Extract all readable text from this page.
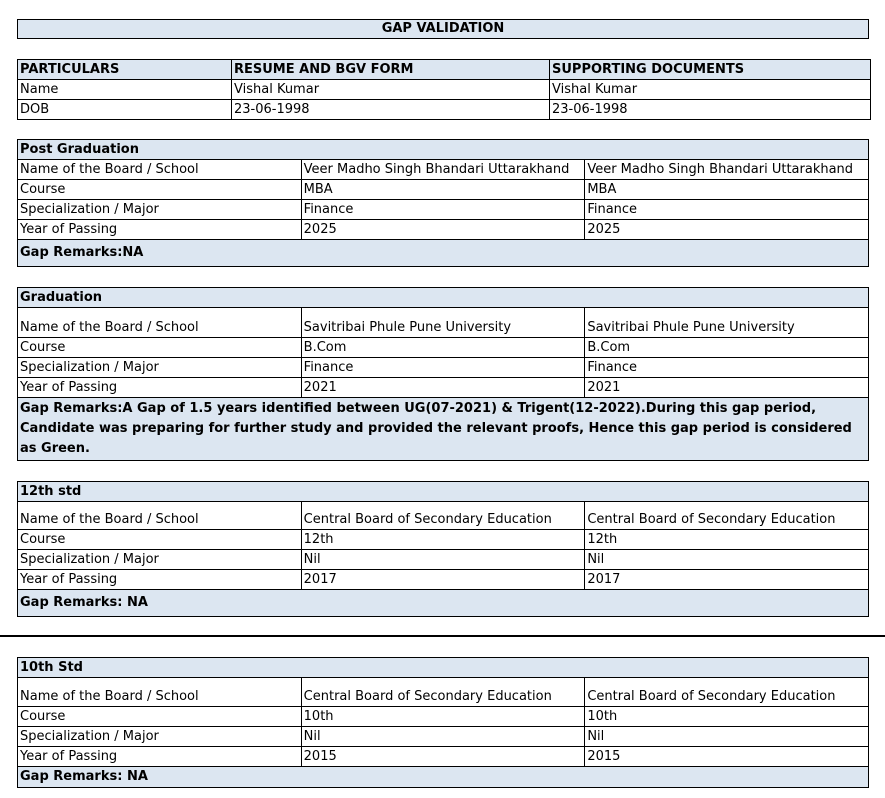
GAP VALIDATION
PARTICULARS	RESUME AND BGV FORM	SUPPORTING DOCUMENTS
Name	Vishal Kumar	Vishal Kumar
DOB	23-06-1998	23-06-1998
Post Graduation		
Name of the Board / School	Veer Madho Singh Bhandari Uttarakhand	Veer Madho Singh Bhandari Uttarakhand
Course	MBA	MBA
Specialization / Major	Finance	Finance
Year of Passing	2025	2025
Gap Remarks:NA		
Graduation		
Name of the Board / School	Savitribai Phule Pune University	Savitribai Phule Pune University
Course	B.Com	B.Com
Specialization / Major	Finance	Finance
Year of Passing	2021	2021
Gap Remarks:A Gap of 1.5 years identified between UG(07-2021) & Trigent(12-2022).During this gap period, Candidate was preparing for further study and provided the relevant proofs, Hence this gap period is considered as Green.		
12th std		
Name of the Board / School	Central Board of Secondary Education	Central Board of Secondary Education
Course	12th	12th
Specialization / Major	Nil	Nil
Year of Passing	2017	2017
Gap Remarks: NA		
10th Std		
Name of the Board / School	Central Board of Secondary Education	Central Board of Secondary Education
Course	10th	10th
Specialization / Major	Nil	Nil
Year of Passing	2015	2015
Gap Remarks: NA		
